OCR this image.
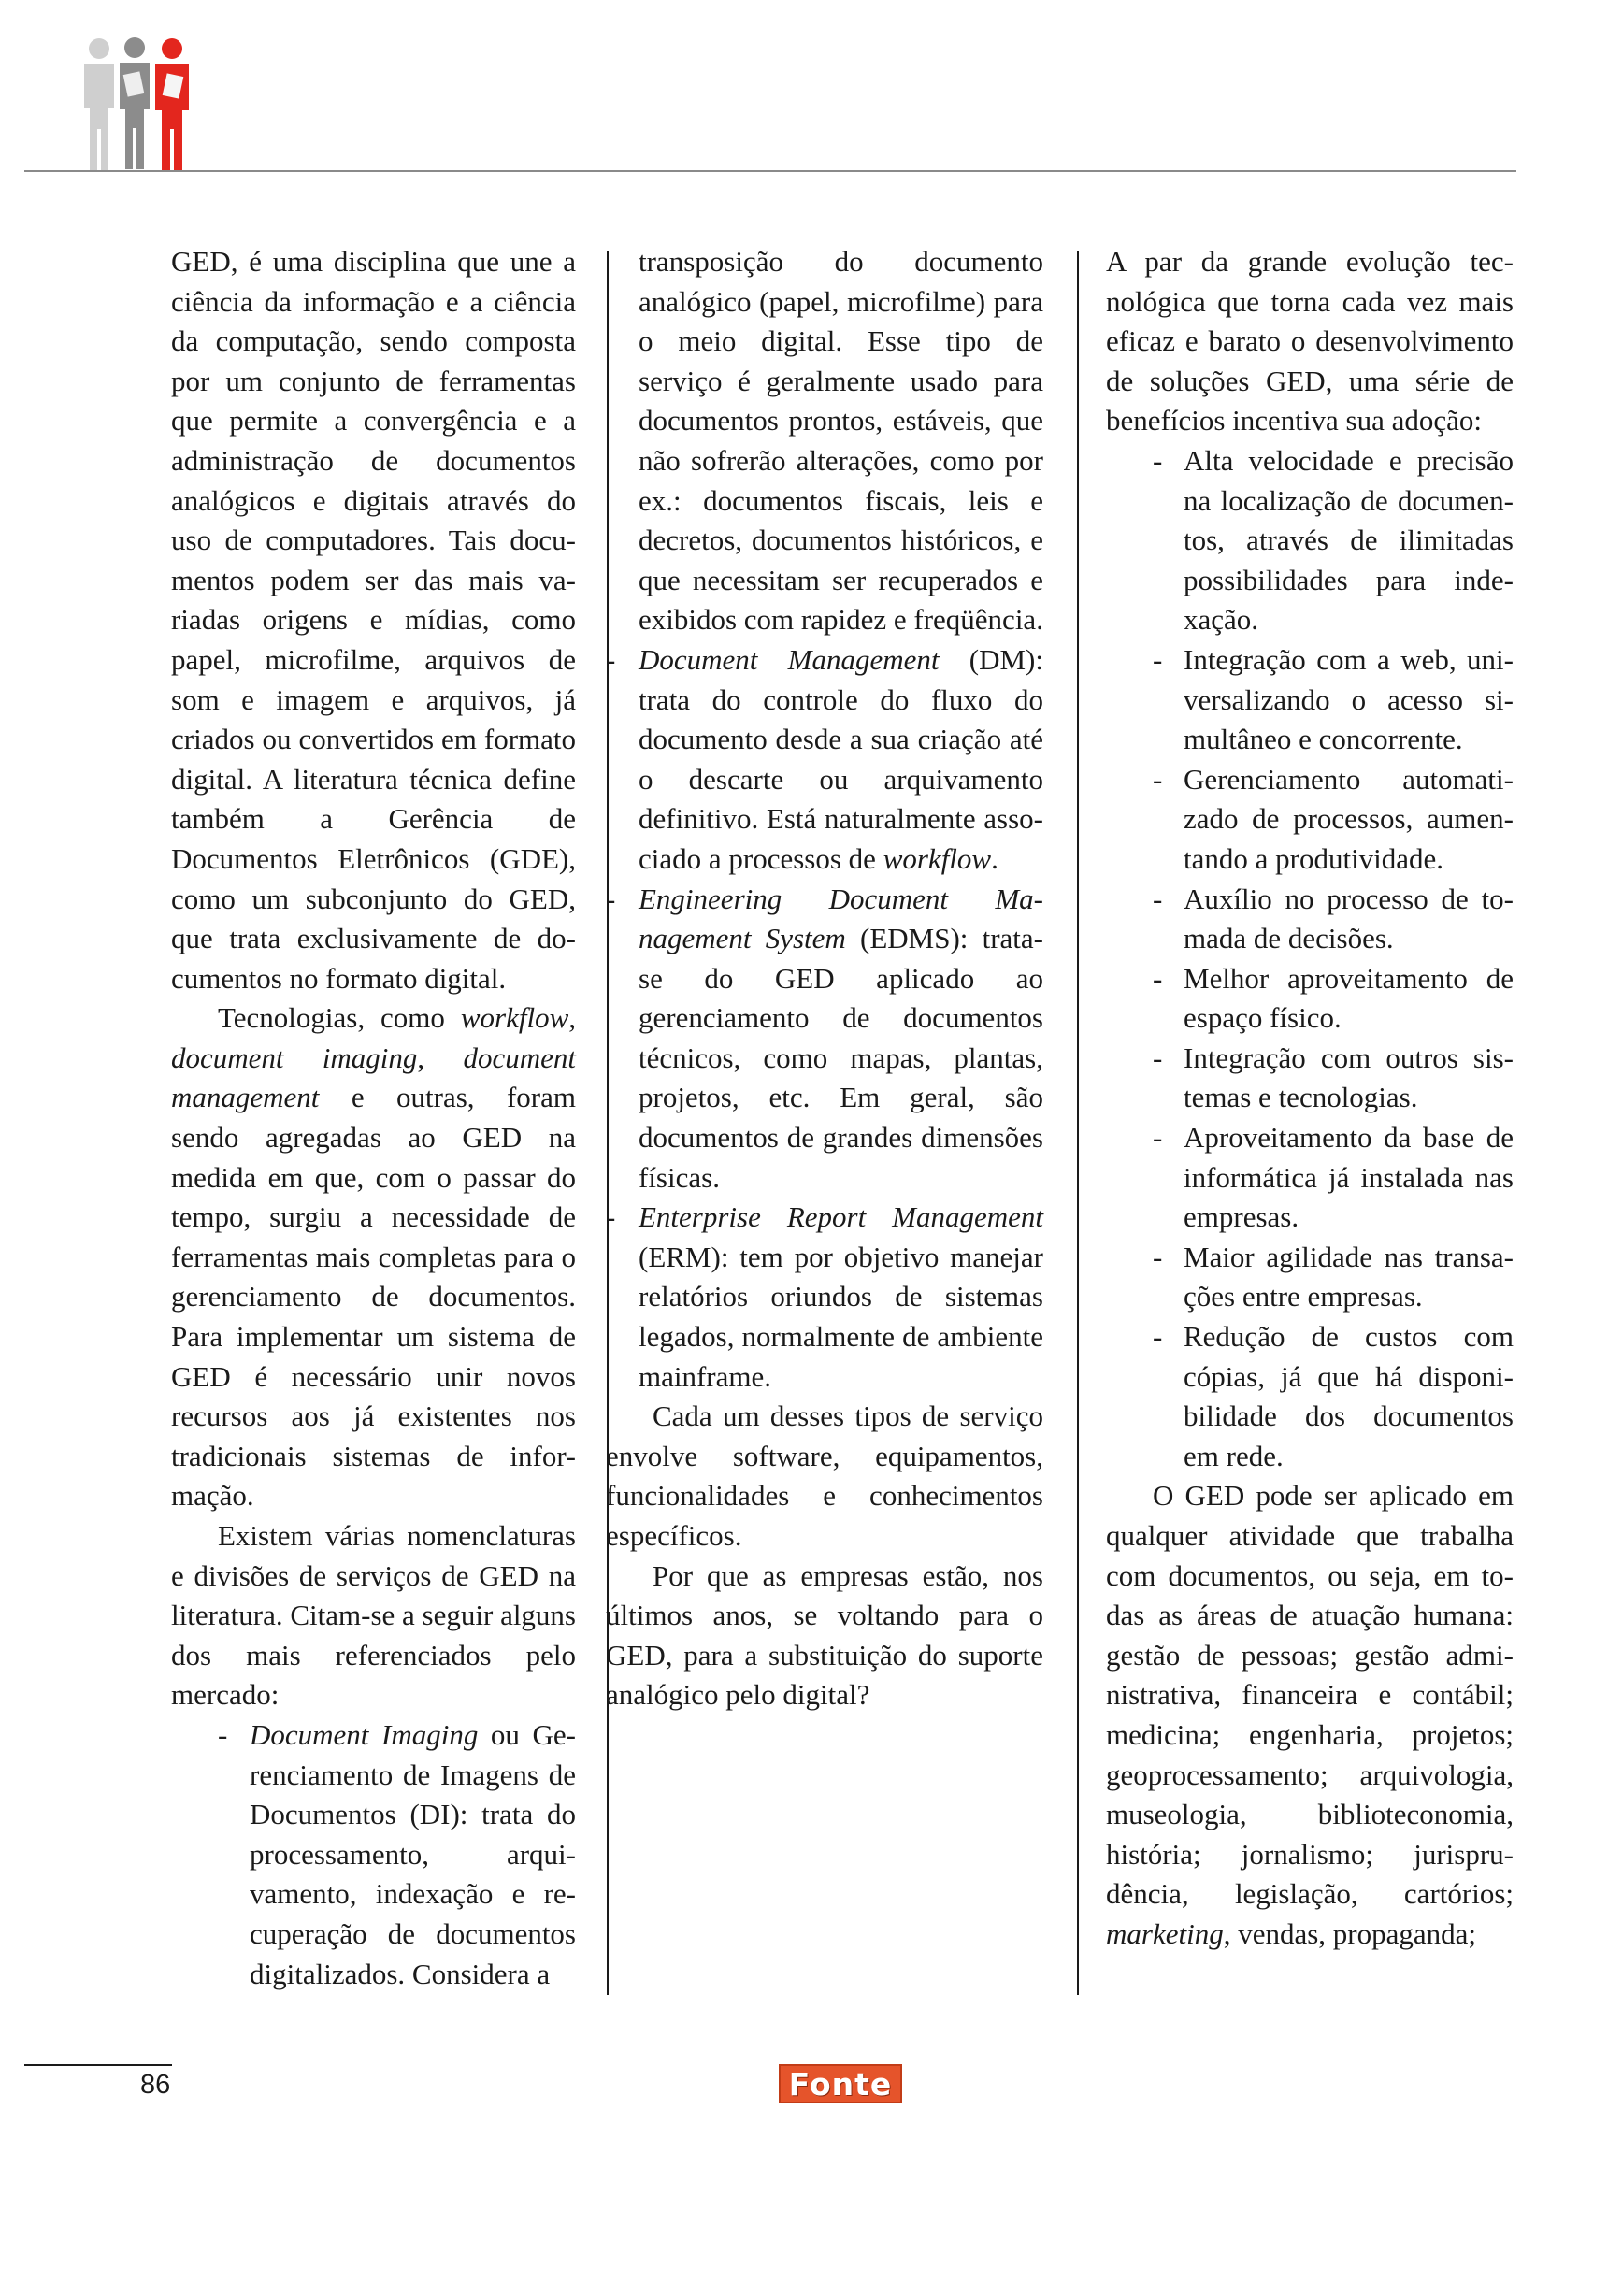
GED, é uma disciplina que une a ciência da informação e a ciência da computação, sendo composta por um conjunto de ferramentas que permite a convergência e a administração de documentos analógicos e digitais através do uso de computadores. Tais documentos podem ser das mais variadas origens e mídias, como papel, microfilme, arquivos de som e imagem e arquivos, já criados ou convertidos em formato digital. A literatura técnica define também a Gerência de Documentos Eletrônicos (GDE), como um subconjunto do GED, que trata exclusivamente de documentos no formato digital.

Tecnologias, como workflow, document imaging, document management e outras, foram sendo agregadas ao GED na medida em que, com o passar do tempo, surgiu a necessidade de ferramentas mais completas para o gerenciamento de documentos. Para implementar um sistema de GED é necessário unir novos recursos aos já existentes nos tradicionais sistemas de informação.

Existem várias nomenclaturas e divisões de serviços de GED na literatura. Citam-se a seguir alguns dos mais referenciados pelo mercado:

- Document Imaging ou Gerenciamento de Imagens de Documentos (DI): trata do processamento, arquivamento, indexação e recuperação de documentos digitalizados. Considera a

transposição do documento analógico (papel, microfilme) para o meio digital. Esse tipo de serviço é geralmente usado para documentos prontos, estáveis, que não sofrerão alterações, como por ex.: documentos fiscais, leis e decretos, documentos históricos, e que necessitam ser recuperados e exibidos com rapidez e freqüência.

- Document Management (DM): trata do controle do fluxo do documento desde a sua criação até o descarte ou arquivamento definitivo. Está naturalmente associado a processos de workflow.
- Engineering Document Management System (EDMS): trata-se do GED aplicado ao gerenciamento de documentos técnicos, como mapas, plantas, projetos, etc. Em geral, são documentos de grandes dimensões físicas.
- Enterprise Report Management (ERM): tem por objetivo manejar relatórios oriundos de sistemas legados, normalmente de ambiente mainframe.

Cada um desses tipos de serviço envolve software, equipamentos, funcionalidades e conhecimentos específicos.

Por que as empresas estão, nos últimos anos, se voltando para o GED, para a substituição do suporte analógico pelo digital?

A par da grande evolução tecnológica que torna cada vez mais eficaz e barato o desenvolvimento de soluções GED, uma série de benefícios incentiva sua adoção:

- Alta velocidade e precisão na localização de documentos, através de ilimitadas possibilidades para indexação.
- Integração com a web, universalizando o acesso simultâneo e concorrente.
- Gerenciamento automatizado de processos, aumentando a produtividade.
- Auxílio no processo de tomada de decisões.
- Melhor aproveitamento de espaço físico.
- Integração com outros sistemas e tecnologias.
- Aproveitamento da base de informática já instalada nas empresas.
- Maior agilidade nas transações entre empresas.
- Redução de custos com cópias, já que há disponibilidade dos documentos em rede.

O GED pode ser aplicado em qualquer atividade que trabalha com documentos, ou seja, em todas as áreas de atuação humana: gestão de pessoas; gestão administrativa, financeira e contábil; medicina; engenharia, projetos; geoprocessamento; arquivologia, museologia, biblioteconomia, história; jornalismo; jurisprudência, legislação, cartórios; marketing, vendas, propaganda;

86	Fonte
